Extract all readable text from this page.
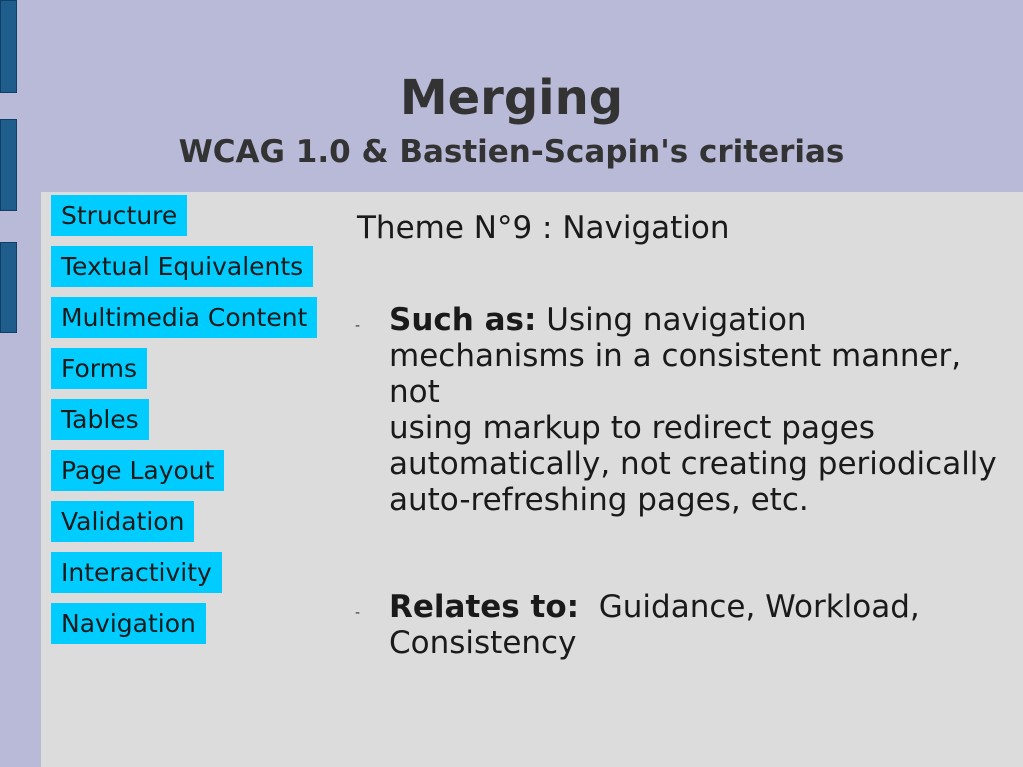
Merging
WCAG 1.0 & Bastien-Scapin's criterias
Structure
Textual Equivalents
Multimedia Content
Forms
Tables
Page Layout
Validation
Interactivity
Navigation
Theme N°9 : Navigation
- Such as: Using navigation
mechanisms in a consistent manner,
not
using markup to redirect pages
automatically, not creating periodically
auto-refreshing pages, etc.
- Relates to:  Guidance, Workload,
Consistency
